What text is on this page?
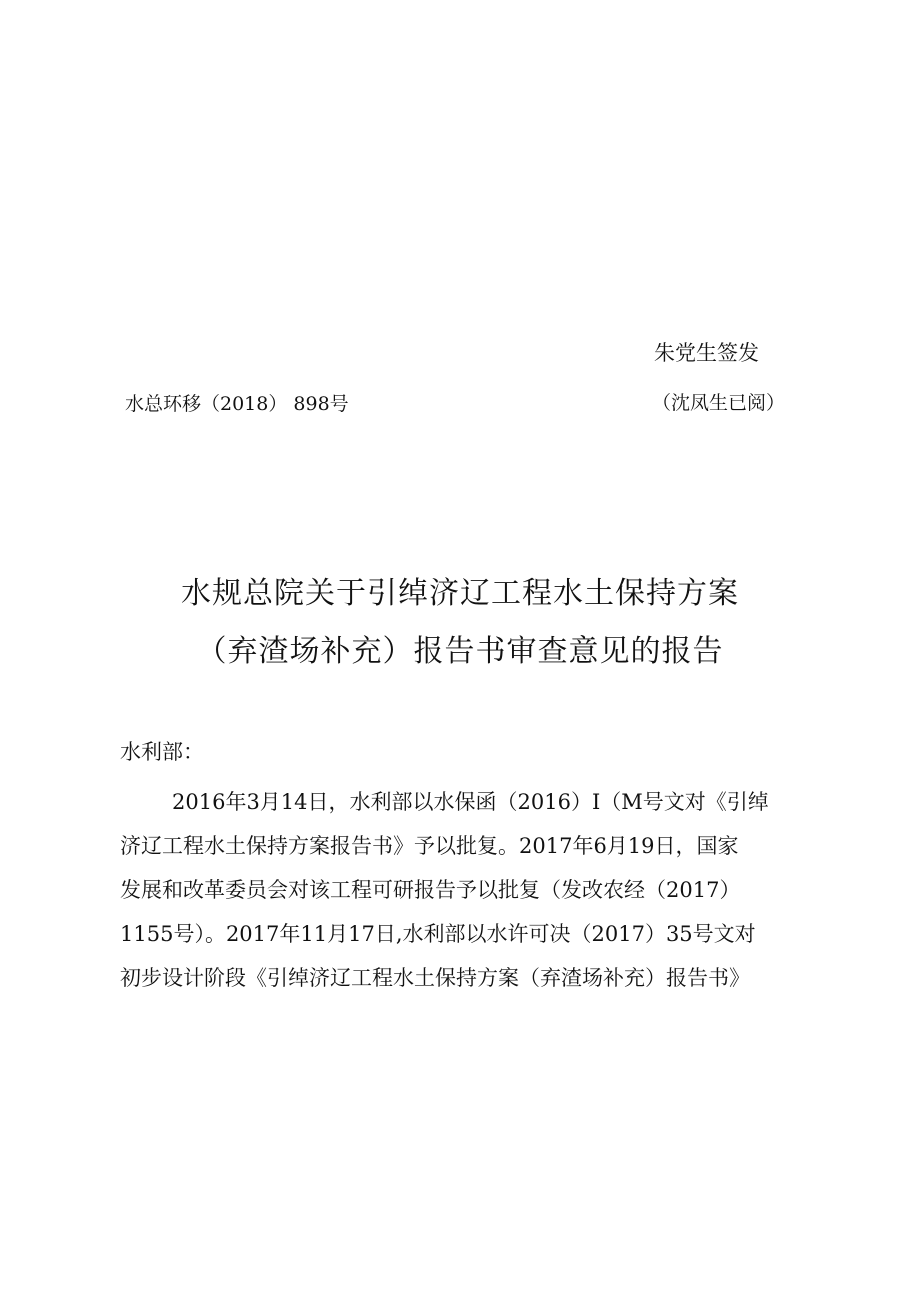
朱党生签发
（沈凤生已阅）
水总环移（2018） 898号
水规总院关于引绰济辽工程水土保持方案
（弃渣场补充）报告书审查意见的报告
水利部：
2016年3月14日，水利部以水保函（2016）I（M号文对《引绰
济辽工程水土保持方案报告书》予以批复。2017年6月19日，国家
发展和改革委员会对该工程可研报告予以批复（发改农经（2017）
1155号）。2017年11月17日,水利部以水许可决（2017）35号文对
初步设计阶段《引绰济辽工程水土保持方案（弃渣场补充）报告书》
